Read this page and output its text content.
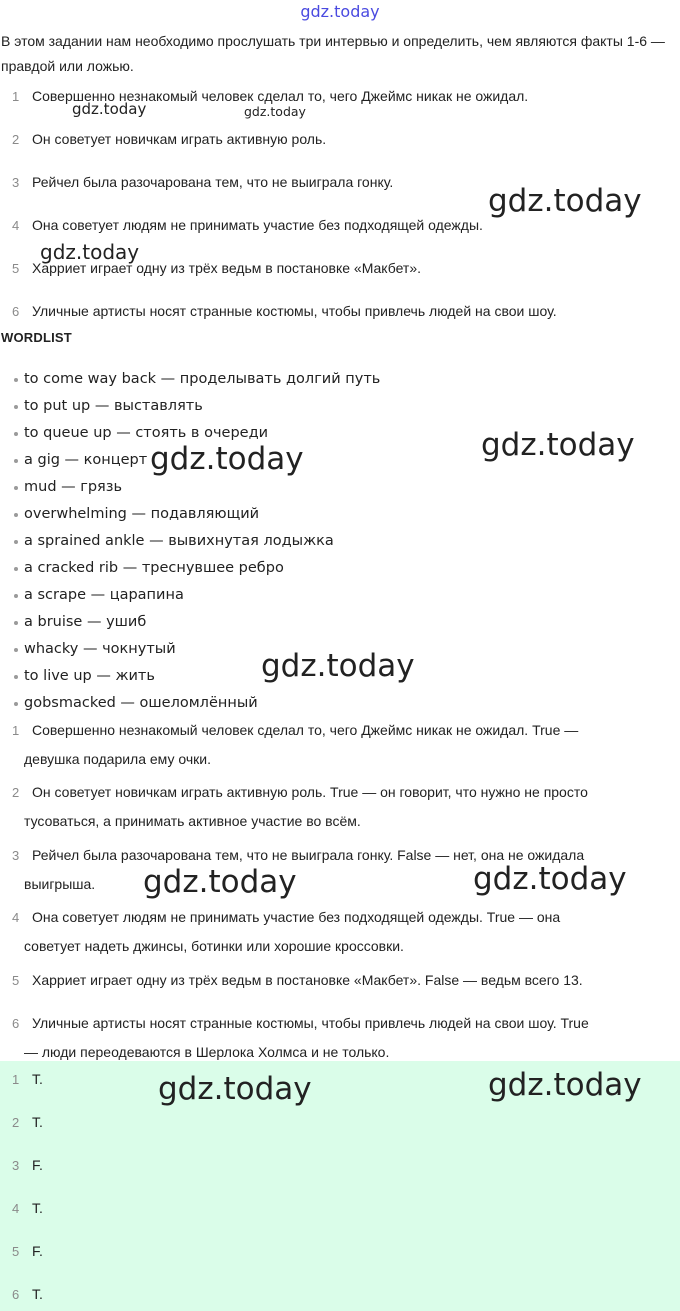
gdz.today
В этом задании нам необходимо прослушать три интервью и определить, чем являются факты 1-6 — правдой или ложью.
1 Совершенно незнакомый человек сделал то, чего Джеймс никак не ожидал.
2 Он советует новичкам играть активную роль.
3 Рейчел была разочарована тем, что не выиграла гонку.
4 Она советует людям не принимать участие без подходящей одежды.
5 Харриет играет одну из трёх ведьм в постановке «Макбет».
6 Уличные артисты носят странные костюмы, чтобы привлечь людей на свои шоу.
WORDLIST
to come way back — проделывать долгий путь
to put up — выставлять
to queue up — стоять в очереди
a gig — концерт
mud — грязь
overwhelming — подавляющий
a sprained ankle — вывихнутая лодыжка
a cracked rib — треснувшее ребро
a scrape — царапина
a bruise — ушиб
whacky — чокнутый
to live up — жить
gobsmacked — ошеломлённый
1 Совершенно незнакомый человек сделал то, чего Джеймс никак не ожидал. True —
девушка подарила ему очки.
2 Он советует новичкам играть активную роль. True — он говорит, что нужно не просто
тусоваться, а принимать активное участие во всём.
3 Рейчел была разочарована тем, что не выиграла гонку. False — нет, она не ожидала
выигрыша.
4 Она советует людям не принимать участие без подходящей одежды. True — она
советует надеть джинсы, ботинки или хорошие кроссовки.
5 Харриет играет одну из трёх ведьм в постановке «Макбет». False — ведьм всего 13.
6 Уличные артисты носят странные костюмы, чтобы привлечь людей на свои шоу. True
— люди переодеваются в Шерлока Холмса и не только.
1 T.
2 T.
3 F.
4 T.
5 F.
6 T.
gdz.today	gdz.today
gdz.today
gdz.today
gdz.today
gdz.today
gdz.today
gdz.today	gdz.today
gdz.today	gdz.today
